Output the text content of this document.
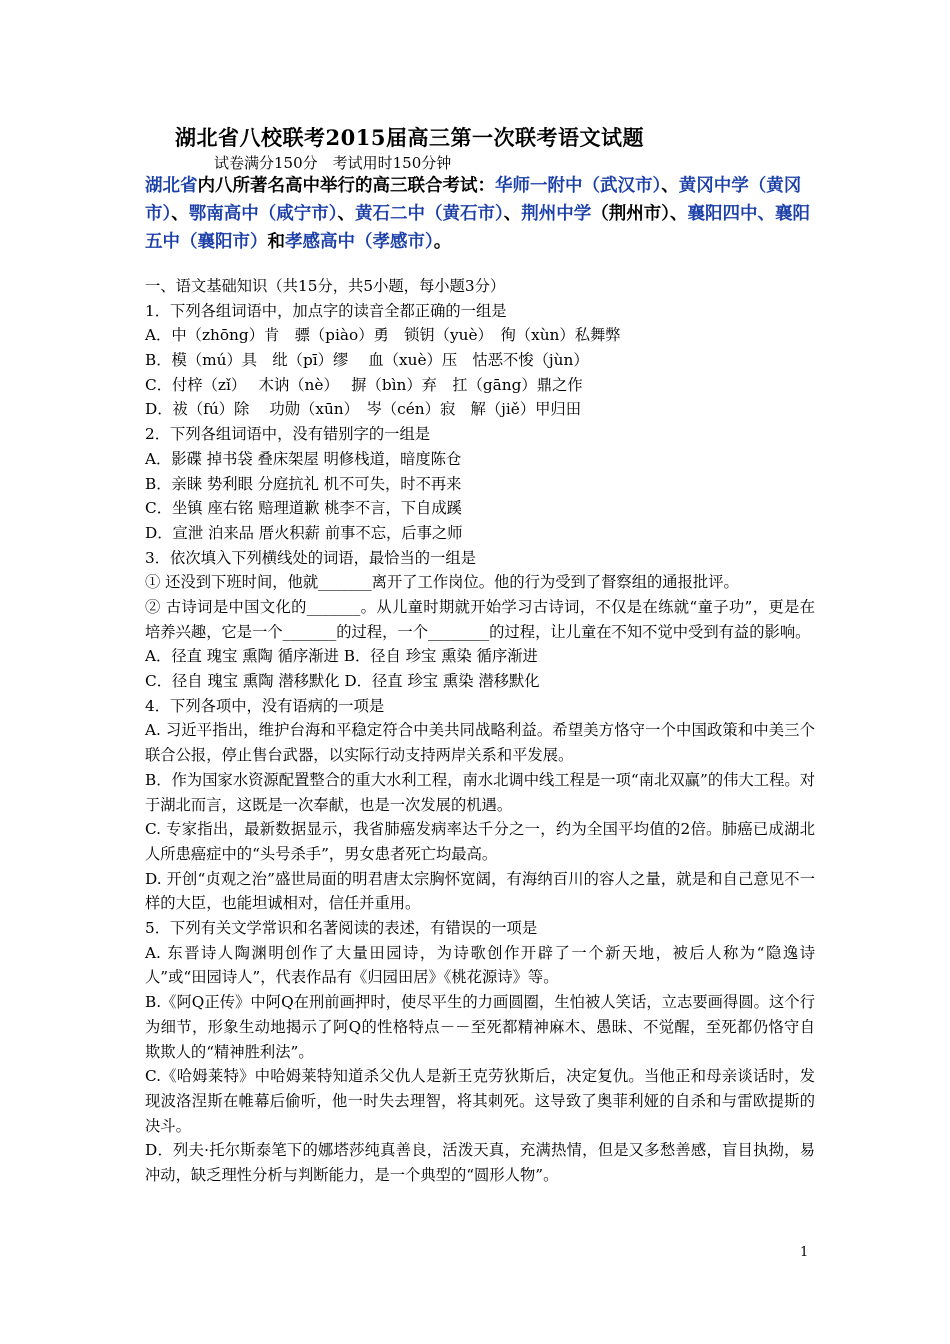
湖北省八校联考2015届高三第一次联考语文试题
试卷满分150分　考试用时150分钟
湖北省内八所著名高中举行的高三联合考试：华师一附中（武汉市）、黄冈中学（黄冈市）、鄂南高中（咸宁市）、黄石二中（黄石市）、荆州中学（荆州市）、襄阳四中、襄阳五中（襄阳市）和孝感高中（孝感市）。
一、语文基础知识（共15分，共5小题，每小题3分）
1．下列各组词语中，加点字的读音全都正确的一组是
A．中（zhōng）肯　骠（piào）勇　锁钥（yuè）　徇（xùn）私舞弊
B．模（mú）具　纰（pī）缪　 血（xuè）压　怙恶不悛（jùn）
C．付梓（zǐ）　 木讷（nè）　 摒（bìn）弃　扛（gāng）鼎之作
D．祓（fú）除　 功勋（xūn）　岑（cén）寂　解（jiě）甲归田
2．下列各组词语中，没有错别字的一组是
A．影碟 掉书袋 叠床架屋 明修栈道，暗度陈仓
B．亲睐 势利眼 分庭抗礼 机不可失，时不再来
C．坐镇 座右铭 赔理道歉 桃李不言，下自成蹊
D．宣泄 泊来品 厝火积薪 前事不忘，后事之师
3．依次填入下列横线处的词语，最恰当的一组是
① 还没到下班时间，他就_______离开了工作岗位。他的行为受到了督察组的通报批评。
② 古诗词是中国文化的_______。从儿童时期就开始学习古诗词，不仅是在练就“童子功”，更是在培养兴趣，它是一个_______的过程，一个________的过程，让儿童在不知不觉中受到有益的影响。
A．径直 瑰宝 熏陶 循序渐进 B．径自 珍宝 熏染 循序渐进
C．径自 瑰宝 熏陶 潜移默化 D．径直 珍宝 熏染 潜移默化
4．下列各项中，没有语病的一项是
A. 习近平指出，维护台海和平稳定符合中美共同战略利益。希望美方恪守一个中国政策和中美三个联合公报，停止售台武器，以实际行动支持两岸关系和平发展。
B．作为国家水资源配置整合的重大水利工程，南水北调中线工程是一项“南北双赢”的伟大工程。对于湖北而言，这既是一次奉献，也是一次发展的机遇。
C. 专家指出，最新数据显示，我省肺癌发病率达千分之一，约为全国平均值的2倍。肺癌已成湖北人所患癌症中的“头号杀手”，男女患者死亡均最高。
D. 开创“贞观之治”盛世局面的明君唐太宗胸怀宽阔，有海纳百川的容人之量，就是和自己意见不一样的大臣，也能坦诚相对，信任并重用。
5．下列有关文学常识和名著阅读的表述，有错误的一项是
A. 东晋诗人陶渊明创作了大量田园诗，为诗歌创作开辟了一个新天地，被后人称为“隐逸诗人”或“田园诗人”，代表作品有《归园田居》《桃花源诗》等。
B.《阿Q正传》中阿Q在刑前画押时，使尽平生的力画圆圈，生怕被人笑话，立志要画得圆。这个行为细节，形象生动地揭示了阿Q的性格特点－－至死都精神麻木、愚昧、不觉醒，至死都仍恪守自欺欺人的“精神胜利法”。
C.《哈姆莱特》中哈姆莱特知道杀父仇人是新王克劳狄斯后，决定复仇。当他正和母亲谈话时，发现波洛涅斯在帷幕后偷听，他一时失去理智，将其刺死。这导致了奥菲利娅的自杀和与雷欧提斯的决斗。
D．列夫·托尔斯泰笔下的娜塔莎纯真善良，活泼天真，充满热情，但是又多愁善感，盲目执拗，易冲动，缺乏理性分析与判断能力，是一个典型的“圆形人物”。
1
